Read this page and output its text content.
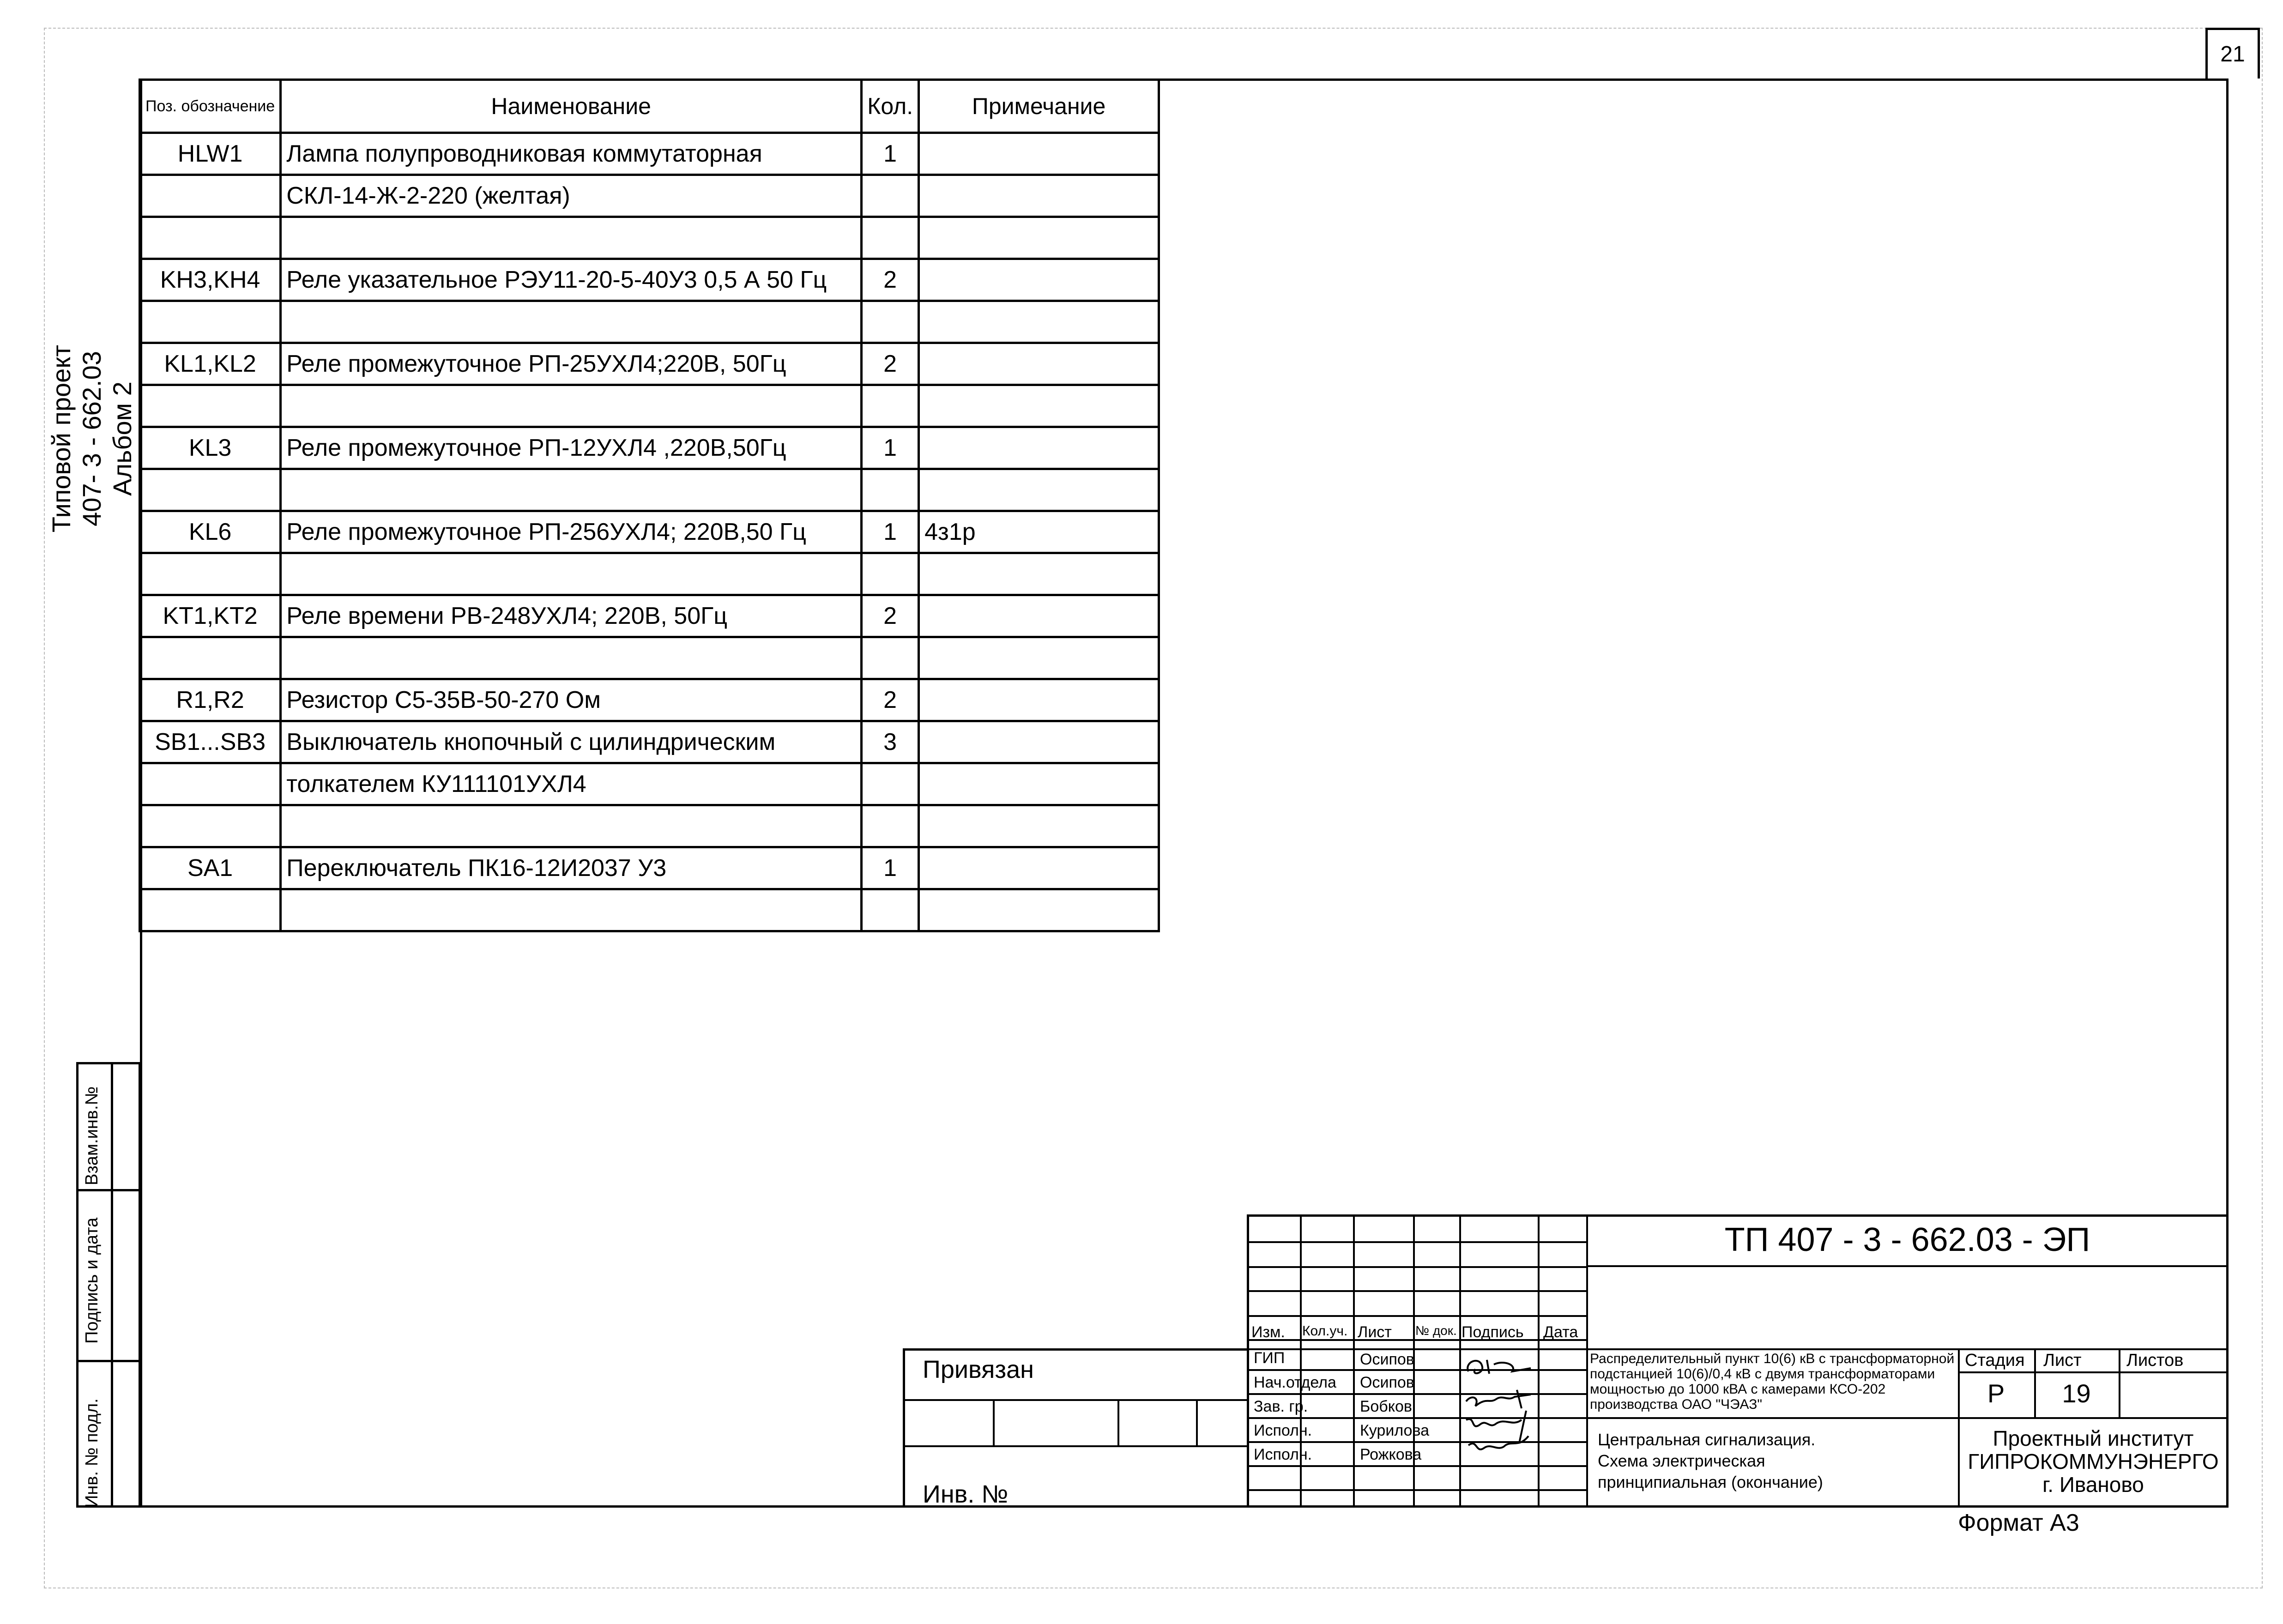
21
Типовой проект 407- 3 - 662.03 Альбом 2
Взам.инв.№
Подпись и дата
Инв. № подл.
Поз. обозначение	Наименование	Кол.	Примечание
HLW1	Лампа полупроводниковая коммутаторная	1	
	СКЛ-14-Ж-2-220 (желтая)		

KH3,KH4	Реле указательное РЭУ11-20-5-40У3 0,5 А 50 Гц	2	

KL1,KL2	Реле промежуточное РП-25УХЛ4;220В, 50Гц	2	

KL3	Реле промежуточное РП-12УХЛ4 ,220В,50Гц	1	

KL6	Реле промежуточное РП-256УХЛ4; 220В,50 Гц	1	4з1р

KT1,KT2	Реле времени РВ-248УХЛ4; 220В, 50Гц	2	

R1,R2	Резистор С5-35В-50-270 Ом	2	
SB1...SB3	Выключатель кнопочный с цилиндрическим	3	
	толкателем КУ111101УХЛ4		

SA1	Переключатель ПК16-12И2037 У3	1	

ТП 407 - 3 - 662.03 - ЭП
Изм. Кол.уч. Лист № док. Подпись Дата
ГИП	Осипов
Нач.отдела Осипов
Зав. гр.	Бобков
Исполн.	Курилова
Исполн.	Рожкова
Распределительный пункт 10(6) кВ с трансформаторной
подстанцией 10(6)/0,4 кВ с двумя трансформаторами
мощностью до 1000 кВА с камерами КСО-202
производства ОАО "ЧЭАЗ"
Центральная сигнализация.
Схема электрическая
принципиальная (окончание)
Стадия Лист	Листов
Р	19
Проектный институт
ГИПРОКОММУНЭНЕРГО
г. Иваново
Привязан
Инв. №
Формат А3
